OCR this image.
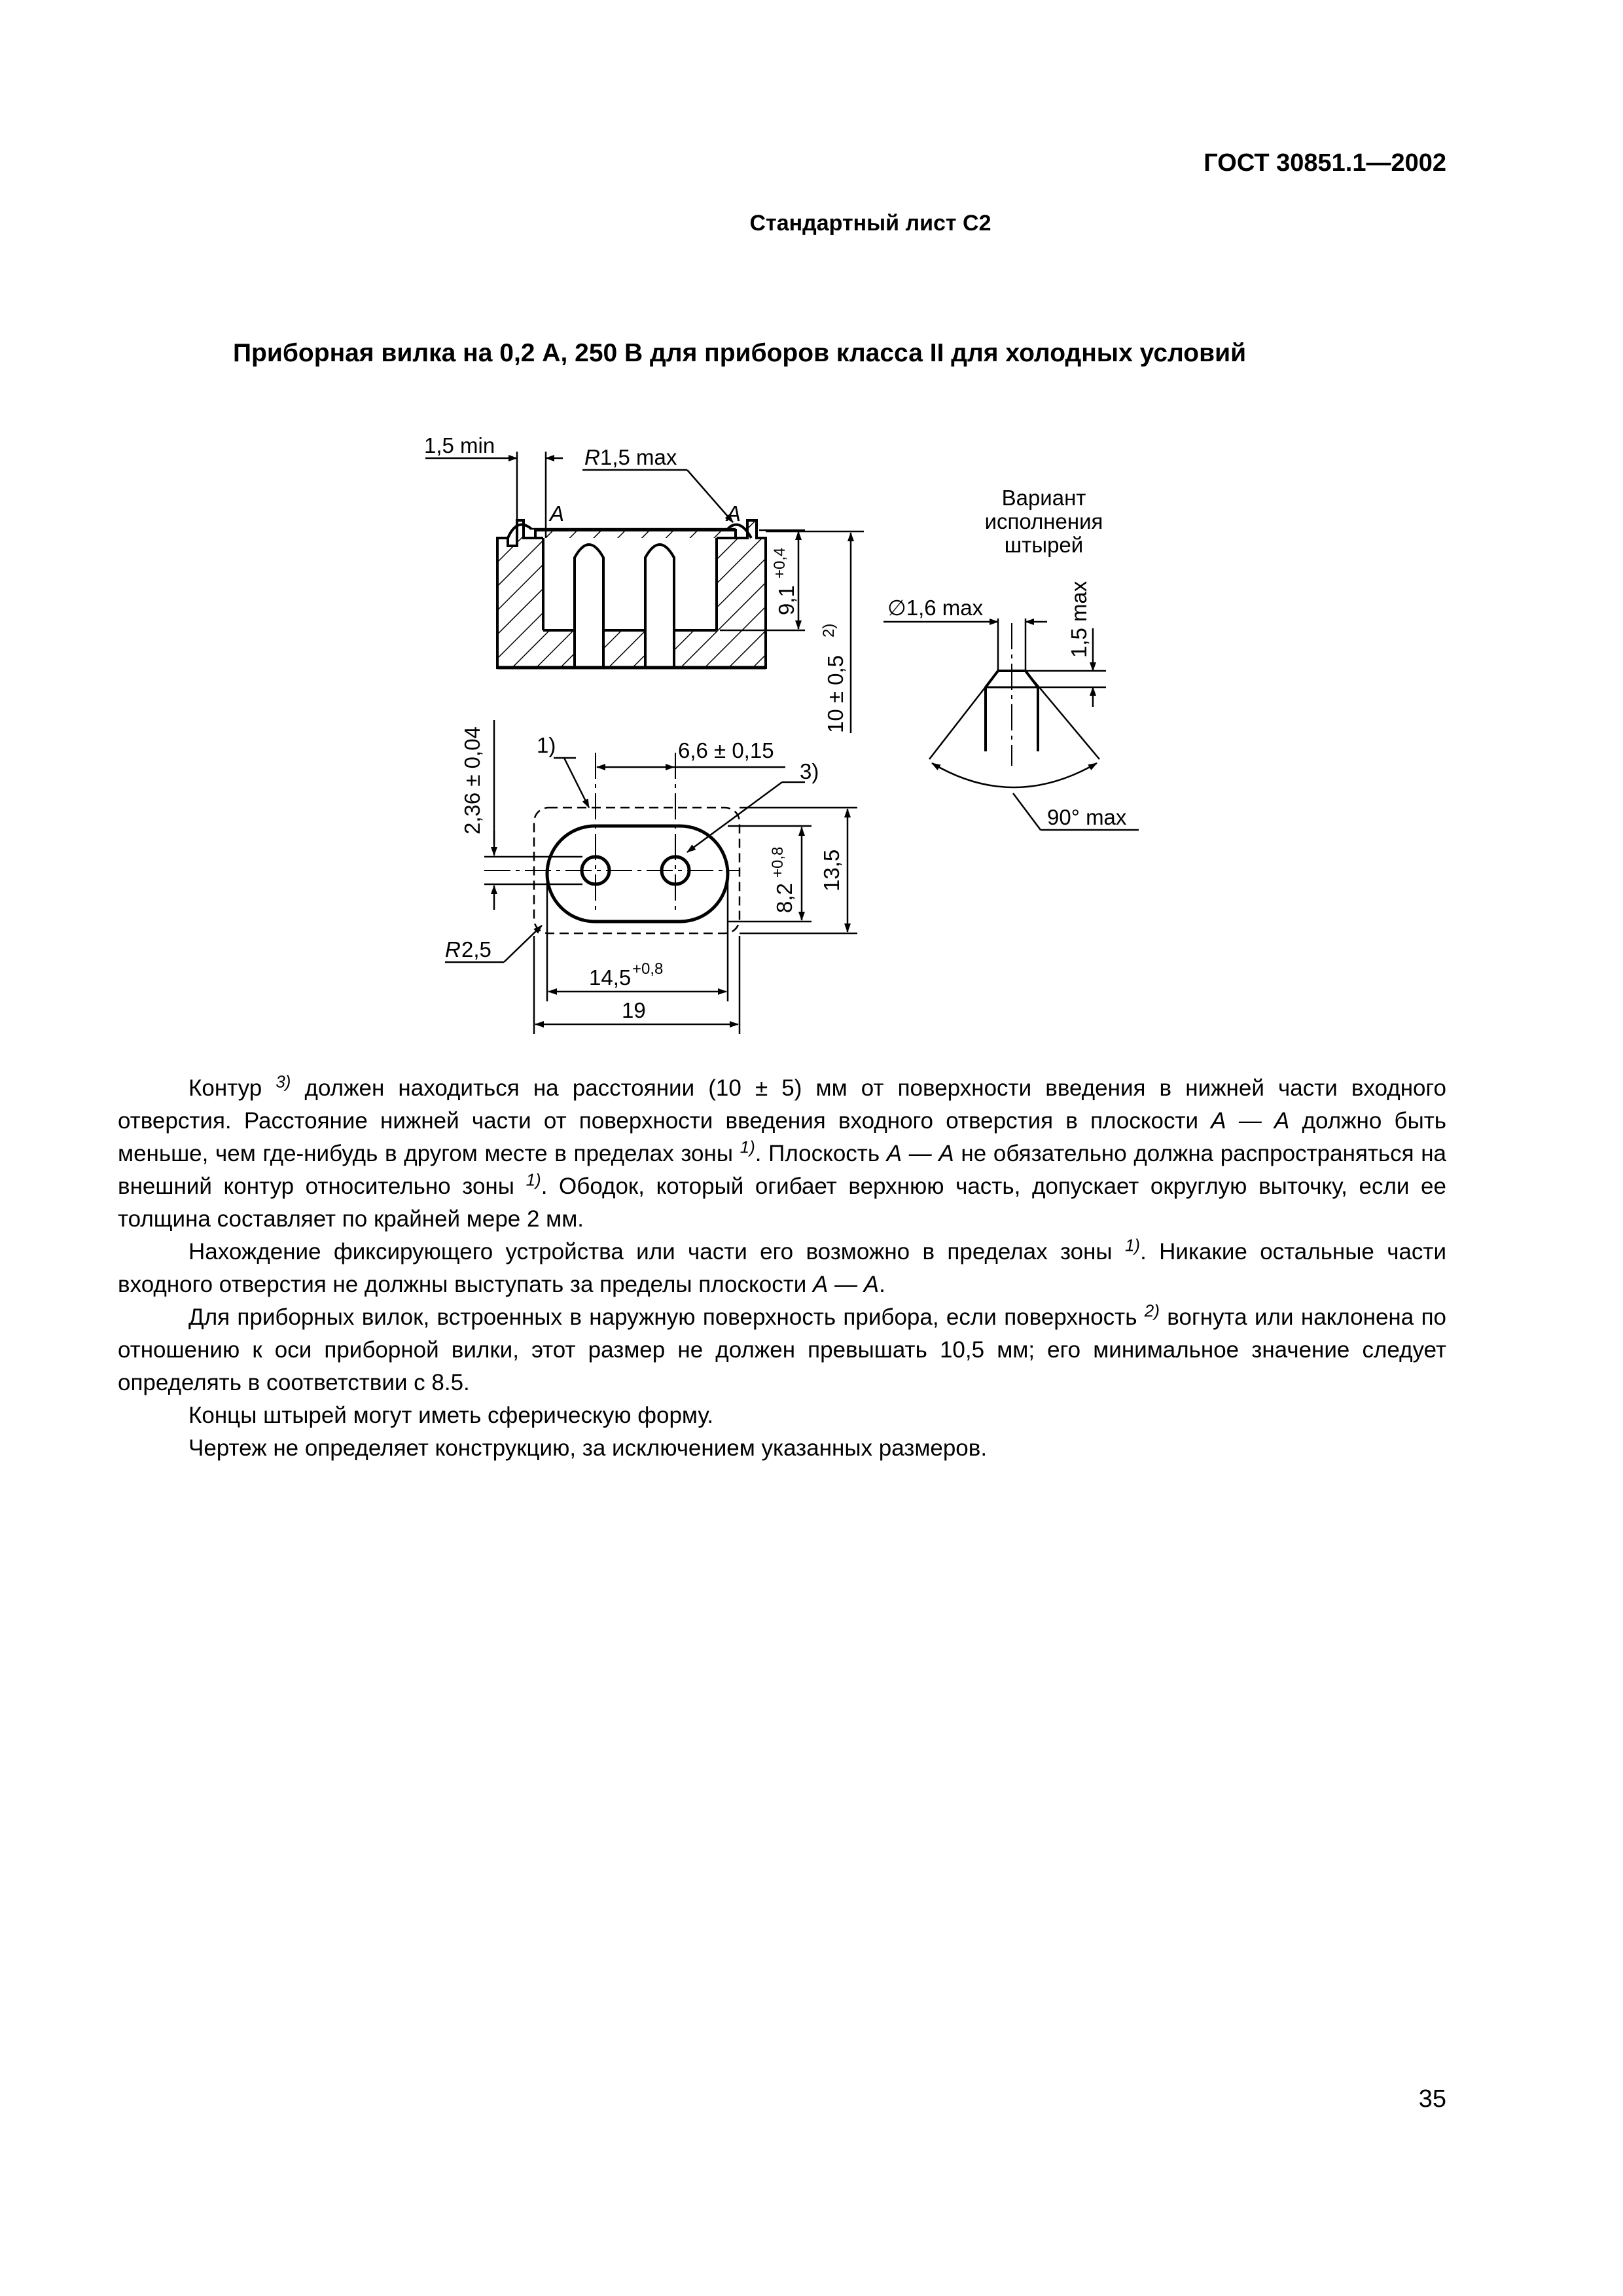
ГОСТ 30851.1—2002
Стандартный лист С2
Приборная вилка на 0,2 А, 250 В для приборов класса II для холодных условий
1,5 min	R 1,5 max
A	A
9,1
+0,4
10 ± 0,5
2)
Вариант
исполнения
штырей
∅1,6 max	1,5 max
90° max
1)	6,6 ± 0,15
3)
2,36 ± 0,04
8,2
+0,8 13,5
R 2,5
14,5 +0,8
19

Контур $^{3)}$ должен находиться на расстоянии (10 ± 5) мм от поверхности введения в нижней части входного отверстия. Расстояние нижней части от поверхности введения входного отверстия в плоскости А — А должно быть меньше, чем где-нибудь в другом месте в пределах зоны $^{1)}$. Плоскость А — А не обязательно должна распространяться на внешний контур относительно зоны $^{1)}$. Ободок, который огибает верхнюю часть, допускает округлую выточку, если ее толщина составляет по крайней мере 2 мм.

Нахождение фиксирующего устройства или части его возможно в пределах зоны $^{1)}$. Никакие остальные части входного отверстия не должны выступать за пределы плоскости А — А.

Для приборных вилок, встроенных в наружную поверхность прибора, если поверхность $^{2)}$ вогнута или наклонена по отношению к оси приборной вилки, этот размер не должен превышать 10,5 мм; его минимальное значение следует определять в соответствии с 8.5.

Концы штырей могут иметь сферическую форму.

Чертеж не определяет конструкцию, за исключением указанных размеров.

35
